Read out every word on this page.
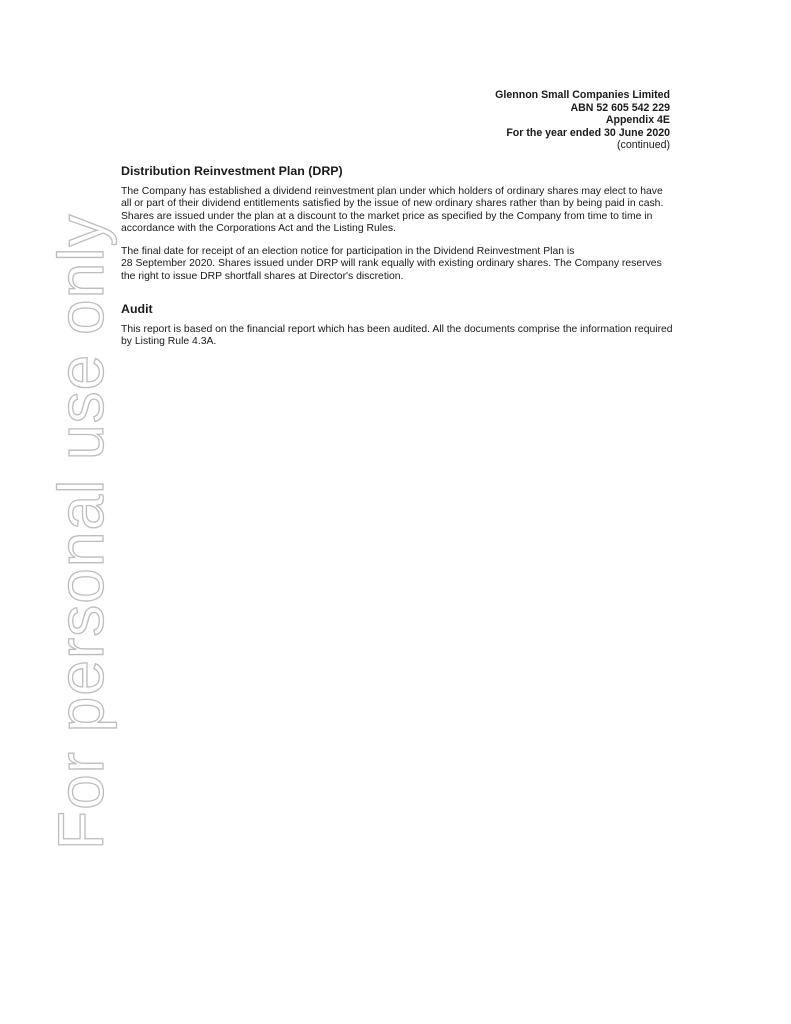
For personal use only
Glennon Small Companies Limited
ABN 52 605 542 229
Appendix 4E
For the year ended 30 June 2020
(continued)
Distribution Reinvestment Plan (DRP)

The Company has established a dividend reinvestment plan under which holders of ordinary shares may elect to have all or part of their dividend entitlements satisfied by the issue of new ordinary shares rather than by being paid in cash. Shares are issued under the plan at a discount to the market price as specified by the Company from time to time in accordance with the Corporations Act and the Listing Rules.

The final date for receipt of an election notice for participation in the Dividend Reinvestment Plan is
28 September 2020. Shares issued under DRP will rank equally with existing ordinary shares. The Company reserves the right to issue DRP shortfall shares at Director's discretion.

Audit

This report is based on the financial report which has been audited. All the documents comprise the information required by Listing Rule 4.3A.
